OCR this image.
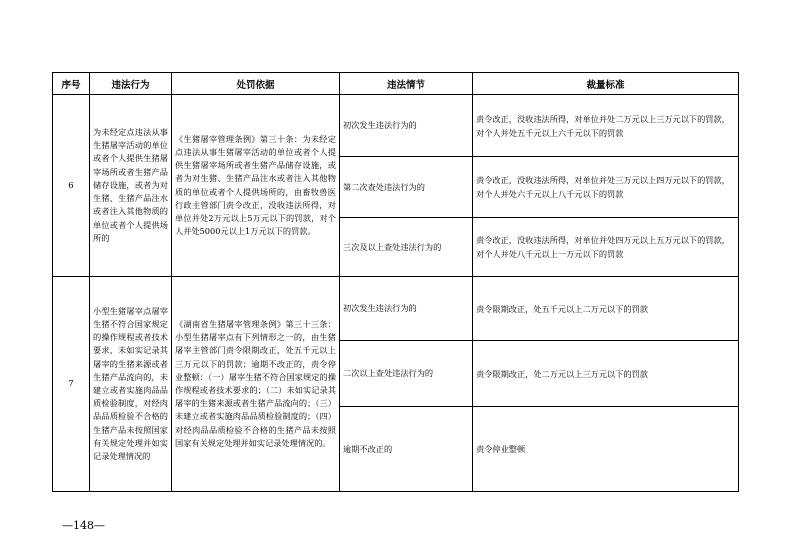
序号	违法行为	处罚依据	违法情节	裁量标准
6	为未经定点违法从事生猪屠宰活动的单位或者个人提供生猪屠宰场所或者生猪产品储存设施，或者为对生猪、生猪产品注水或者注入其他物质的单位或者个人提供场所的	《生猪屠宰管理条例》第三十条：为未经定点违法从事生猪屠宰活动的单位或者个人提供生猪屠宰场所或者生猪产品储存设施，或者为对生猪、生猪产品注水或者注入其他物质的单位或者个人提供场所的，由畜牧兽医行政主管部门责令改正，没收违法所得，对单位并处2万元以上5万元以下的罚款，对个人并处5000元以上1万元以下的罚款。	初次发生违法行为的	责令改正，没收违法所得，对单位并处二万元以上三万元以下的罚款，对个人并处五千元以上六千元以下的罚款
			第二次查处违法行为的	责令改正，没收违法所得，对单位并处三万元以上四万元以下的罚款，对个人并处六千元以上八千元以下的罚款
			三次及以上查处违法行为的	责令改正，没收违法所得，对单位并处四万元以上五万元以下的罚款，对个人并处八千元以上一万元以下的罚款
7	小型生猪屠宰点屠宰生猪不符合国家规定的操作规程或者技术要求，未如实记录其屠宰的生猪来源或者生猪产品流向的，未建立或者实施肉品品质检验制度，对经肉品品质检验不合格的生猪产品未按照国家有关规定处理并如实记录处理情况的	《湖南省生猪屠宰管理条例》第三十三条：小型生猪屠宰点有下列情形之一的，由生猪屠宰主管部门责令限期改正，处五千元以上三万元以下的罚款；逾期不改正的，责令停业整顿：（一）屠宰生猪不符合国家规定的操作规程或者技术要求的；（二）未如实记录其屠宰的生猪来源或者生猪产品流向的；（三）未建立或者实施肉品品质检验制度的；（四）对经肉品品质检验不合格的生猪产品未按照国家有关规定处理并如实记录处理情况的。	初次发生违法行为的	责令限期改正，处五千元以上二万元以下的罚款
			二次以上查处违法行为的	责令限期改正，处二万元以上三万元以下的罚款
			逾期不改正的	责令停业整顿
—148—
